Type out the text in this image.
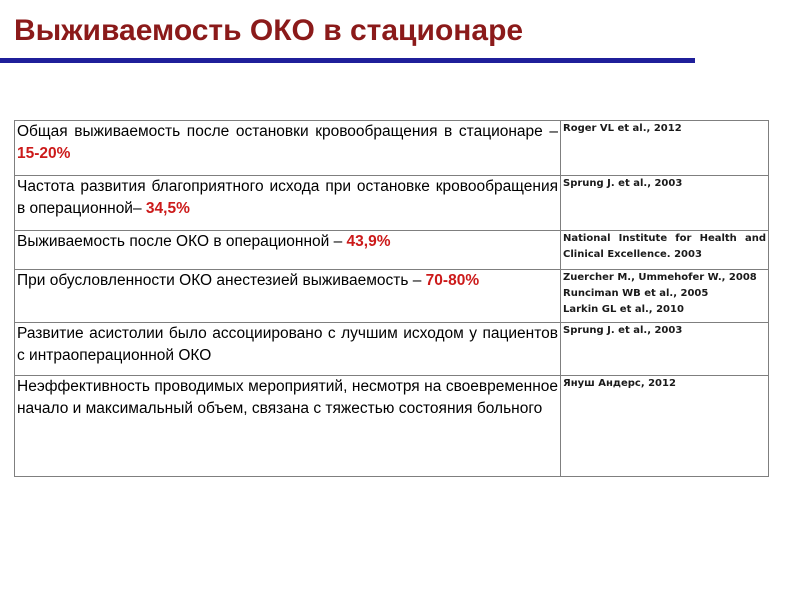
Выживаемость ОКО в стационаре
Общая выживаемость после остановки кровообращения в стационаре – 15-20%	Roger VL et al., 2012

Частота развития благоприятного исхода при остановке кровообращения в операционной– 34,5%	Sprung J. et al., 2003

Выживаемость после ОКО в операционной – 43,9%	National Institute for Health and Clinical Excellence. 2003

При обусловленности ОКО анестезией выживаемость – 70-80%	Zuercher M., Ummehofer W., 2008
Runciman WB et al., 2005
Larkin GL et al., 2010

Развитие асистолии было ассоциировано с лучшим исходом у пациентов с интраоперационной ОКО	Sprung J. et al., 2003

Неэффективность проводимых мероприятий, несмотря на своевременное начало и максимальный объем, связана с тяжестью состояния больного	Януш Андерс, 2012
